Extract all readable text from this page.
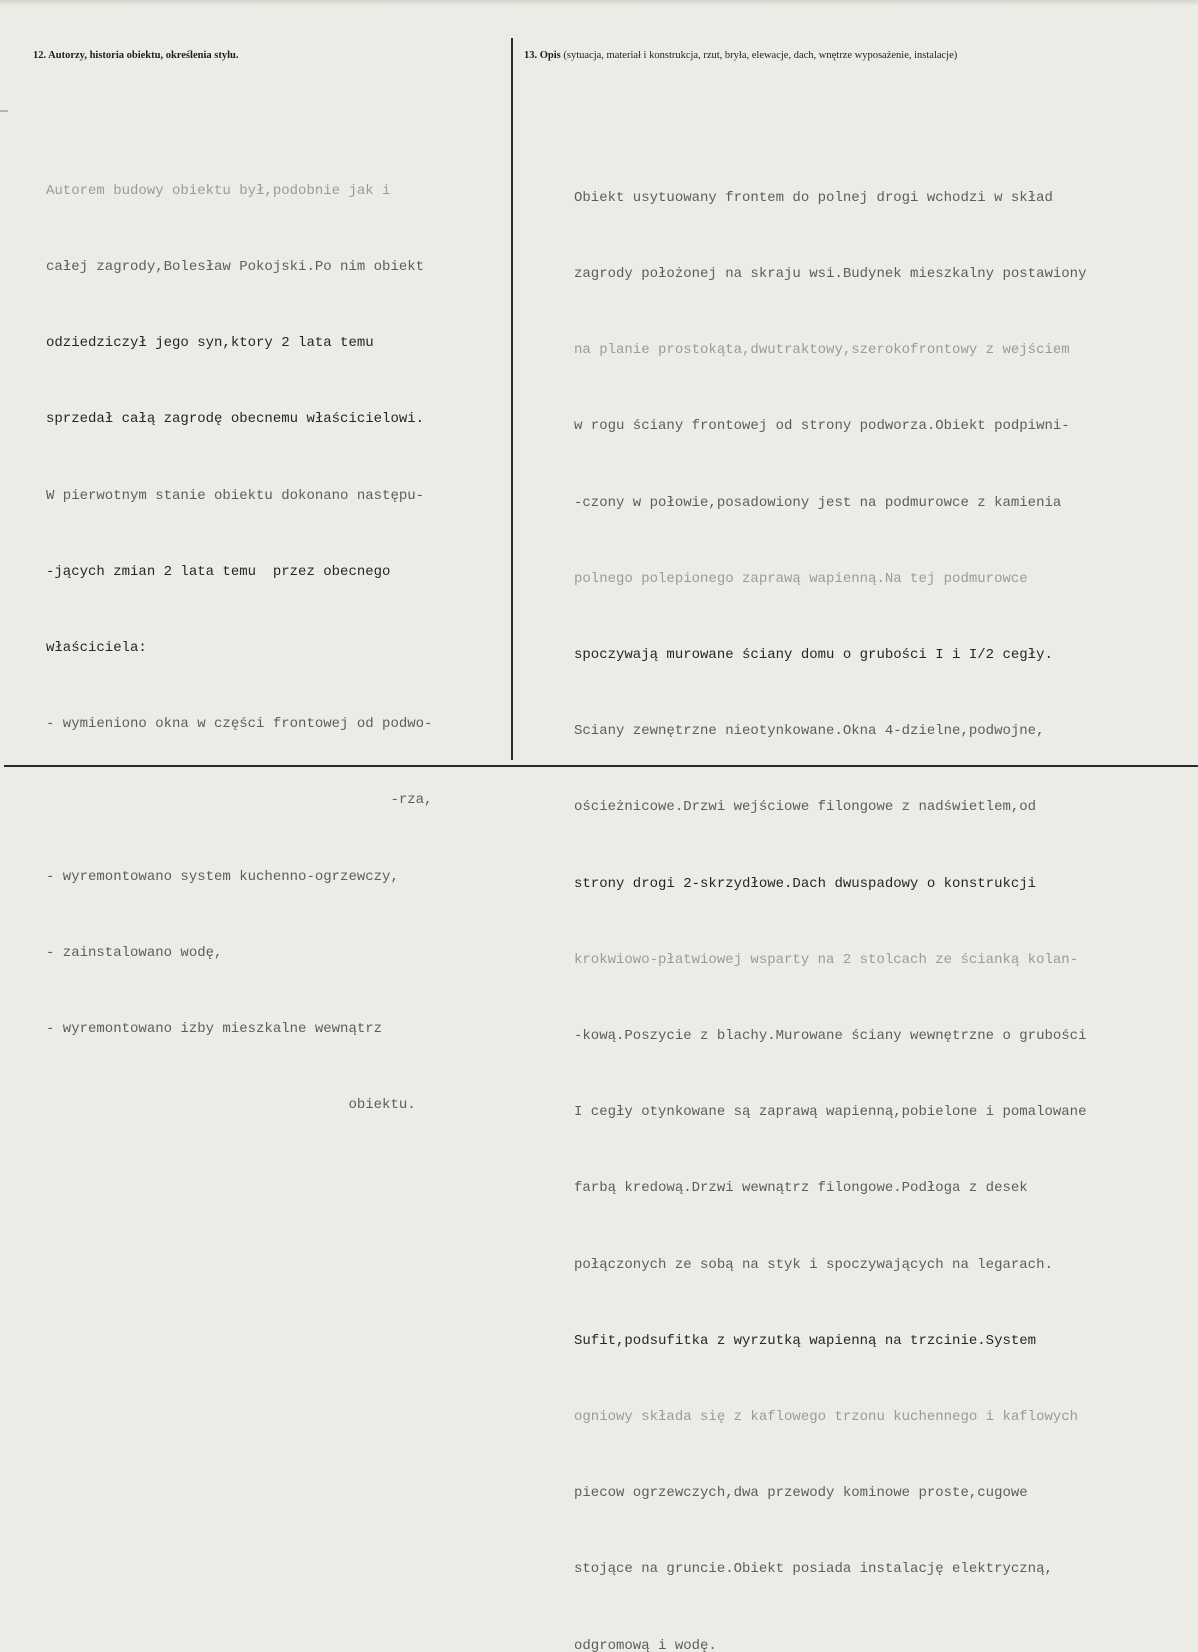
12. Autorzy, historia obiektu, określenia stylu.	13. Opis (sytuacja, materiał i konstrukcja, rzut, bryła, elewacje, dach, wnętrze wyposażenie, instalacje)

Autorem budowy obiektu był,podobnie jak i

całej zagrody,Bolesław Pokojski.Po nim obiekt

odziedziczył jego syn,ktory 2 lata temu

sprzedał całą zagrodę obecnemu właścicielowi.

W pierwotnym stanie obiektu dokonano następu-

-jących zmian 2 lata temu  przez obecnego

właściciela:

- wymieniono okna w części frontowej od podwo-

-rza,

- wyremontowano system kuchenno-ogrzewczy,

- zainstalowano wodę,

- wyremontowano izby mieszkalne wewnątrz

obiektu.

Obiekt usytuowany frontem do polnej drogi wchodzi w skład

zagrody położonej na skraju wsi.Budynek mieszkalny postawiony

na planie prostokąta,dwutraktowy,szerokofrontowy z wejściem

w rogu ściany frontowej od strony podworza.Obiekt podpiwni-

-czony w połowie,posadowiony jest na podmurowce z kamienia

polnego polepionego zaprawą wapienną.Na tej podmurowce

spoczywają murowane ściany domu o grubości I i I/2 cegły.

Sciany zewnętrzne nieotynkowane.Okna 4-dzielne,podwojne,

ościeżnicowe.Drzwi wejściowe filongowe z nadświetlem,od

strony drogi 2-skrzydłowe.Dach dwuspadowy o konstrukcji

krokwiowo-płatwiowej wsparty na 2 stolcach ze ścianką kolan-

-kową.Poszycie z blachy.Murowane ściany wewnętrzne o grubości

I cegły otynkowane są zaprawą wapienną,pobielone i pomalowane

farbą kredową.Drzwi wewnątrz filongowe.Podłoga z desek

połączonych ze sobą na styk i spoczywających na legarach.

Sufit,podsufitka z wyrzutką wapienną na trzcinie.System

ogniowy składa się z kaflowego trzonu kuchennego i kaflowych

piecow ogrzewczych,dwa przewody kominowe proste,cugowe

stojące na gruncie.Obiekt posiada instalację elektryczną,

odgromową i wodę.
